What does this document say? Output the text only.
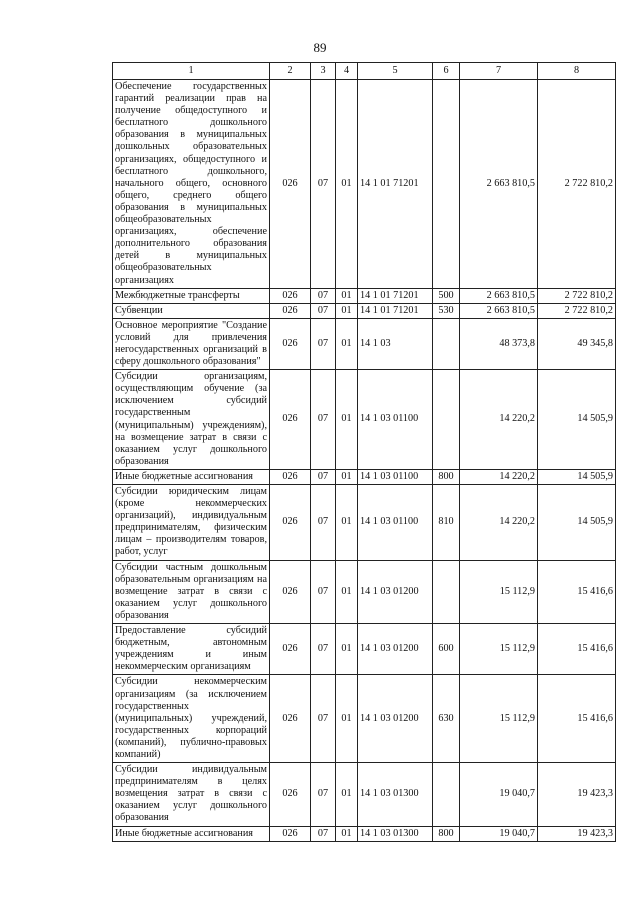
89
1	2	3	4	5	6	7	8
Обеспечение государственных гарантий реализации прав на получение общедоступного и бесплатного дошкольного образования в муниципальных дошкольных образовательных организациях, общедоступного и бесплатного дошкольного, начального общего, основного общего, среднего общего образования в муниципальных общеобразовательных организациях, обеспечение дополнительного образования детей в муниципальных общеобразовательных организациях	026	07	01	14 1 01 71201		2 663 810,5	2 722 810,2
Межбюджетные трансферты	026	07	01	14 1 01 71201	500	2 663 810,5	2 722 810,2
Субвенции	026	07	01	14 1 01 71201	530	2 663 810,5	2 722 810,2
Основное мероприятие "Создание условий для привлечения негосударственных организаций в сферу дошкольного образования"	026	07	01	14 1 03		48 373,8	49 345,8
Субсидии организациям, осуществляющим обучение (за исключением субсидий государственным (муниципальным) учреждениям), на возмещение затрат в связи с оказанием услуг дошкольного образования	026	07	01	14 1 03 01100		14 220,2	14 505,9
Иные бюджетные ассигнования	026	07	01	14 1 03 01100	800	14 220,2	14 505,9
Субсидии юридическим лицам (кроме некоммерческих организаций), индивидуальным предпринимателям, физическим лицам – производителям товаров, работ, услуг	026	07	01	14 1 03 01100	810	14 220,2	14 505,9
Субсидии частным дошкольным образовательным организациям на возмещение затрат в связи с оказанием услуг дошкольного образования	026	07	01	14 1 03 01200		15 112,9	15 416,6
Предоставление субсидий бюджетным, автономным учреждениям и иным некоммерческим организациям	026	07	01	14 1 03 01200	600	15 112,9	15 416,6
Субсидии некоммерческим организациям (за исключением государственных (муниципальных) учреждений, государственных корпораций (компаний), публично-правовых компаний)	026	07	01	14 1 03 01200	630	15 112,9	15 416,6
Субсидии индивидуальным предпринимателям в целях возмещения затрат в связи с оказанием услуг дошкольного образования	026	07	01	14 1 03 01300		19 040,7	19 423,3
Иные бюджетные ассигнования	026	07	01	14 1 03 01300	800	19 040,7	19 423,3
